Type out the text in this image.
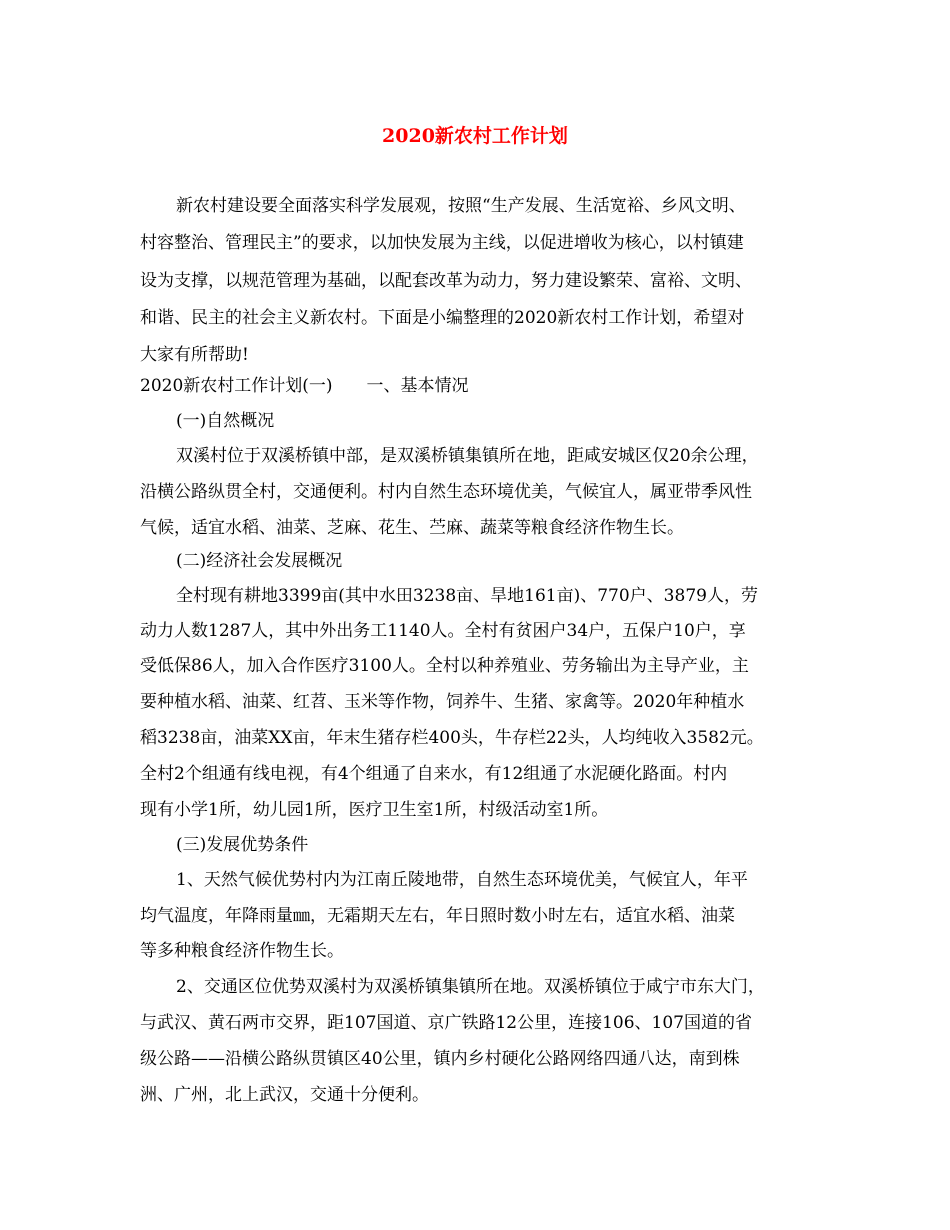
2020新农村工作计划
新农村建设要全面落实科学发展观，按照“生产发展、生活宽裕、乡风文明、
村容整治、管理民主”的要求，以加快发展为主线，以促进增收为核心，以村镇建
设为支撑，以规范管理为基础，以配套改革为动力，努力建设繁荣、富裕、文明、
和谐、民主的社会主义新农村。下面是小编整理的2020新农村工作计划，希望对
大家有所帮助!
2020新农村工作计划(一)　　一、基本情况
(一)自然概况
双溪村位于双溪桥镇中部，是双溪桥镇集镇所在地，距咸安城区仅20余公理，
沿横公路纵贯全村，交通便利。村内自然生态环境优美，气候宜人，属亚带季风性
气候，适宜水稻、油菜、芝麻、花生、苎麻、蔬菜等粮食经济作物生长。
(二)经济社会发展概况
全村现有耕地3399亩(其中水田3238亩、旱地161亩)、770户、3879人，劳
动力人数1287人，其中外出务工1140人。全村有贫困户34户，五保户10户，享
受低保86人，加入合作医疗3100人。全村以种养殖业、劳务输出为主导产业，主
要种植水稻、油菜、红苕、玉米等作物，饲养牛、生猪、家禽等。2020年种植水
稻3238亩，油菜XX亩，年末生猪存栏400头，牛存栏22头，人均纯收入3582元。
全村2个组通有线电视，有4个组通了自来水，有12组通了水泥硬化路面。村内
现有小学1所，幼儿园1所，医疗卫生室1所，村级活动室1所。
(三)发展优势条件
1、天然气候优势村内为江南丘陵地带，自然生态环境优美，气候宜人，年平
均气温度，年降雨量㎜，无霜期天左右，年日照时数小时左右，适宜水稻、油菜
等多种粮食经济作物生长。
2、交通区位优势双溪村为双溪桥镇集镇所在地。双溪桥镇位于咸宁市东大门，
与武汉、黄石两市交界，距107国道、京广铁路12公里，连接106、107国道的省
级公路——沿横公路纵贯镇区40公里，镇内乡村硬化公路网络四通八达，南到株
洲、广州，北上武汉，交通十分便利。
